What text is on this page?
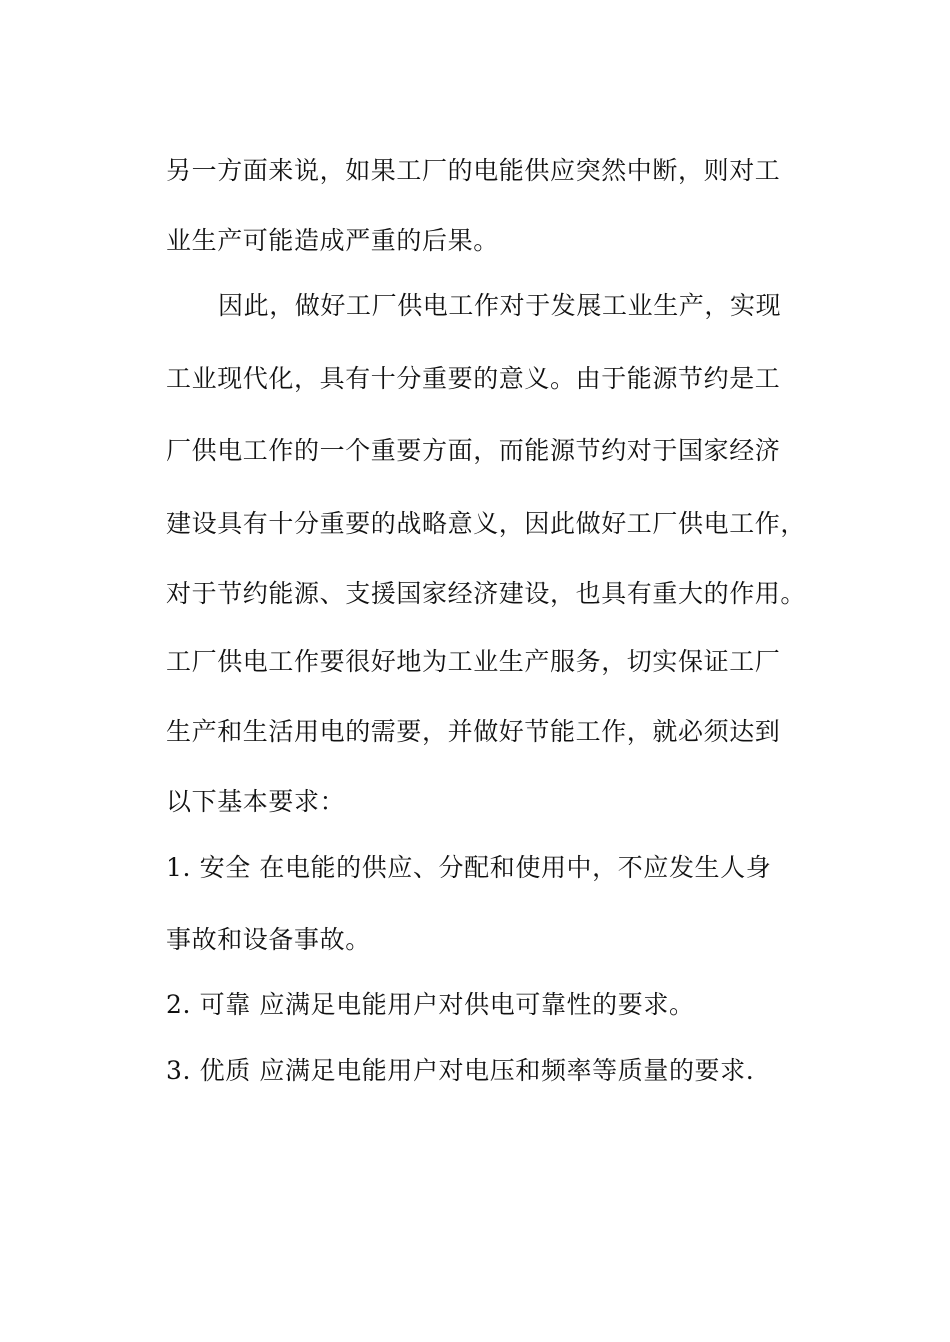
另一方面来说，如果工厂的电能供应突然中断，则对工
业生产可能造成严重的后果。
因此，做好工厂供电工作对于发展工业生产，实现
工业现代化，具有十分重要的意义。由于能源节约是工
厂供电工作的一个重要方面，而能源节约对于国家经济
建设具有十分重要的战略意义，因此做好工厂供电工作，
对于节约能源、支援国家经济建设，也具有重大的作用。
工厂供电工作要很好地为工业生产服务，切实保证工厂
生产和生活用电的需要，并做好节能工作，就必须达到
以下基本要求：
1. 安全 在电能的供应、分配和使用中，不应发生人身
事故和设备事故。
2. 可靠 应满足电能用户对供电可靠性的要求。
3. 优质 应满足电能用户对电压和频率等质量的要求.
